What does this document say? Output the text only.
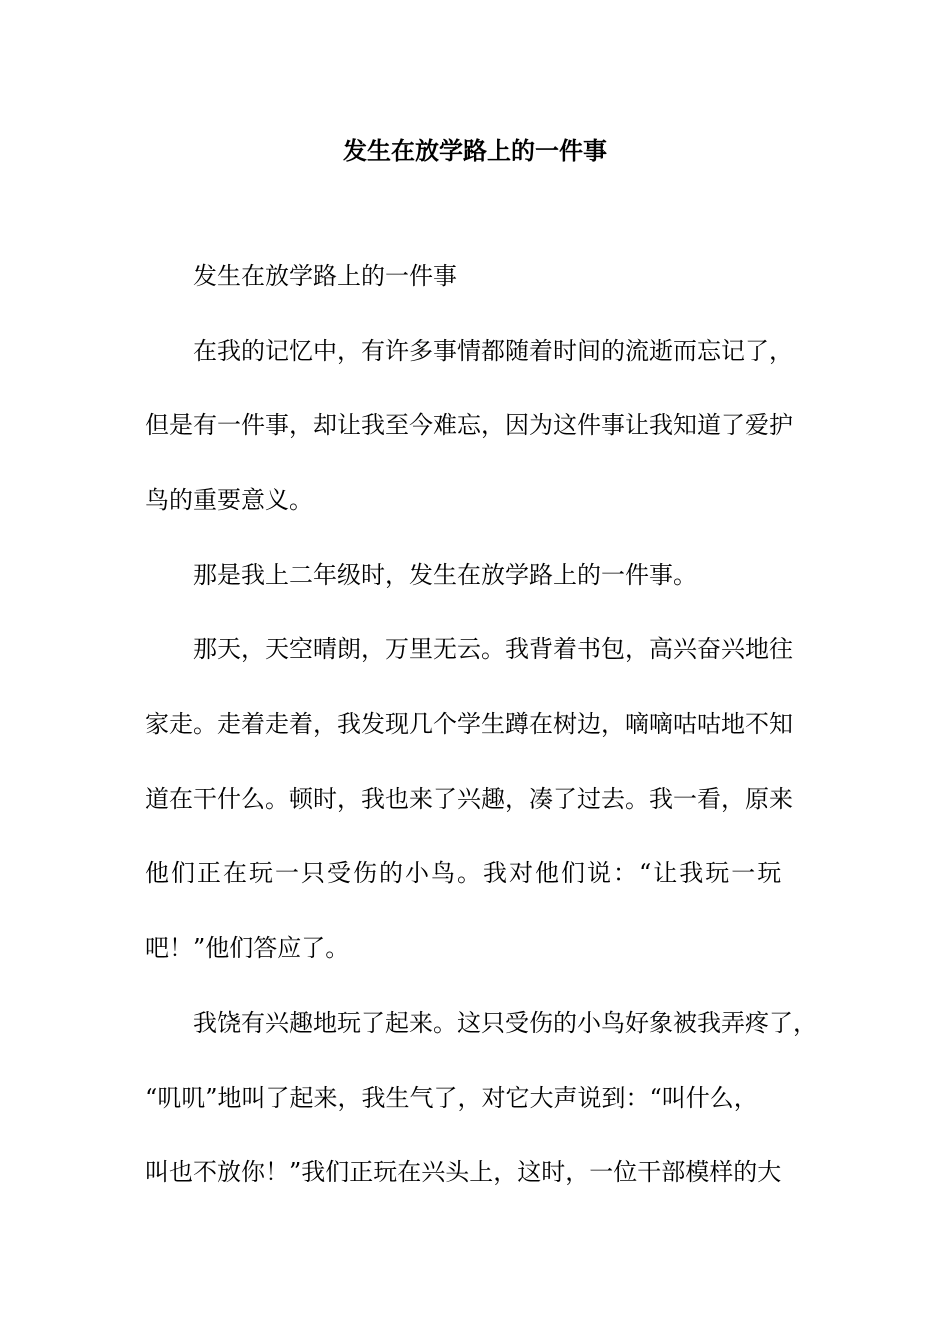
发生在放学路上的一件事
发生在放学路上的一件事
在我的记忆中，有许多事情都随着时间的流逝而忘记了，
但是有一件事，却让我至今难忘，因为这件事让我知道了爱护
鸟的重要意义。
那是我上二年级时，发生在放学路上的一件事。
那天，天空晴朗，万里无云。我背着书包，高兴奋兴地往
家走。走着走着，我发现几个学生蹲在树边，嘀嘀咕咕地不知
道在干什么。顿时，我也来了兴趣，凑了过去。我一看，原来
他们正在玩一只受伤的小鸟。我对他们说：“让我玩一玩
吧！”他们答应了。
我饶有兴趣地玩了起来。这只受伤的小鸟好象被我弄疼了，
“叽叽”地叫了起来，我生气了，对它大声说到：“叫什么，
叫也不放你！”我们正玩在兴头上，这时，一位干部模样的大
